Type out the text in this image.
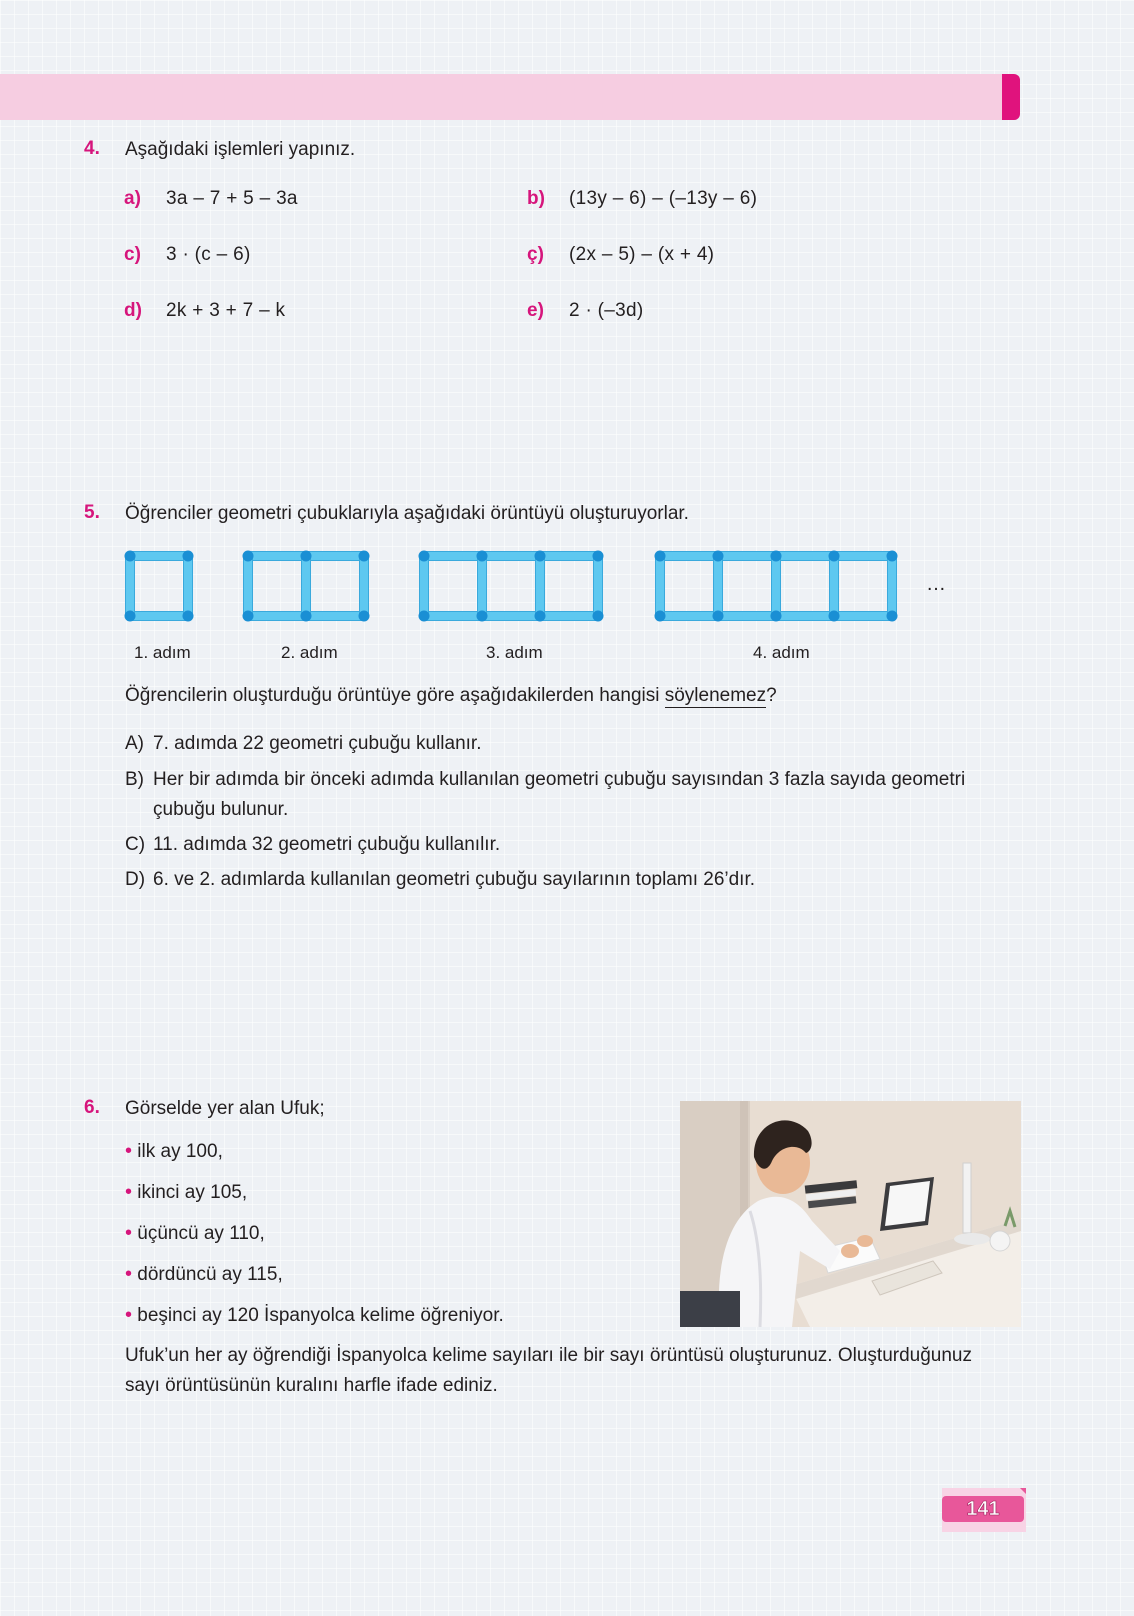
4. Aşağıdaki işlemleri yapınız.
a) 3a – 7 + 5 – 3a	b) (13y – 6) – (–13y – 6)
c) 3 · (c – 6)	ç) (2x – 5) – (x + 4)
d) 2k + 3 + 7 – k	e) 2 · (–3d)
5. Öğrenciler geometri çubuklarıyla aşağıdaki örüntüyü oluşturuyorlar.
…
1. adım	2. adım	3. adım	4. adım
Öğrencilerin oluşturduğu örüntüye göre aşağıdakilerden hangisi söylenemez?
A) 7. adımda 22 geometri çubuğu kullanır.
B) Her bir adımda bir önceki adımda kullanılan geometri çubuğu sayısından 3 fazla sayıda geometri
çubuğu bulunur.
C) 11. adımda 32 geometri çubuğu kullanılır.
D) 6. ve 2. adımlarda kullanılan geometri çubuğu sayılarının toplamı 26’dır.
6. Görselde yer alan Ufuk;
• ilk ay 100,
• ikinci ay 105,
• üçüncü ay 110,
• dördüncü ay 115,
• beşinci ay 120 İspanyolca kelime öğreniyor.
Ufuk’un her ay öğrendiği İspanyolca kelime sayıları ile bir sayı örüntüsü oluşturunuz. Oluşturduğunuz
sayı örüntüsünün kuralını harfle ifade ediniz.
141
